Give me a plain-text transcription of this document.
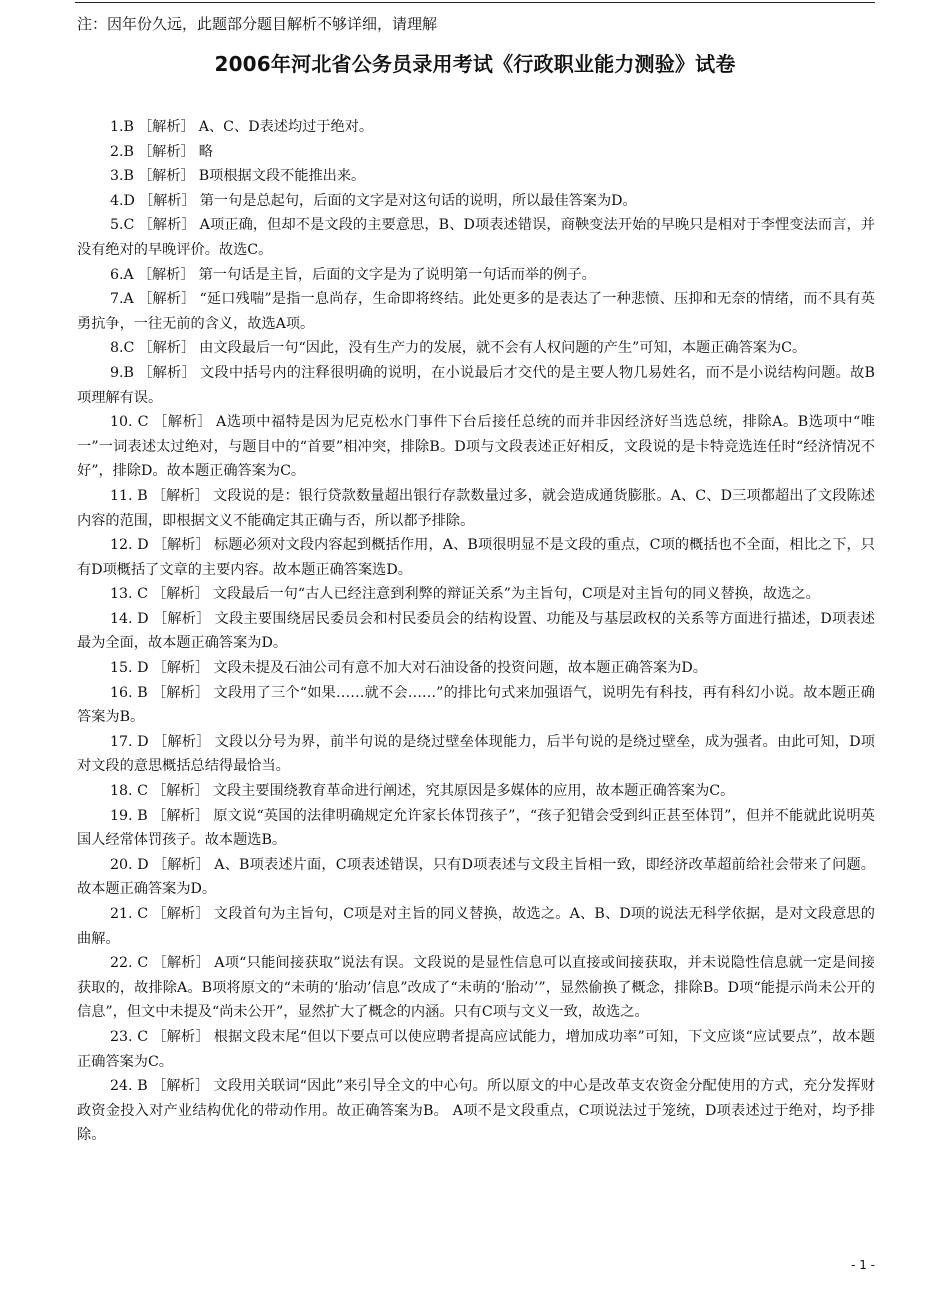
注：因年份久远，此题部分题目解析不够详细，请理解
2006年河北省公务员录用考试《行政职业能力测验》试卷

1.B ［解析］ A、C、D表述均过于绝对。

2.B ［解析］ 略

3.B ［解析］ B项根据文段不能推出来。

4.D ［解析］ 第一句是总起句，后面的文字是对这句话的说明，所以最佳答案为D。

5.C ［解析］ A项正确，但却不是文段的主要意思，B、D项表述错误，商鞅变法开始的早晚只是相对于李悝变法而言，并没有绝对的早晚评价。故选C。

6.A ［解析］ 第一句话是主旨，后面的文字是为了说明第一句话而举的例子。

7.A ［解析］ “延口残喘”是指一息尚存，生命即将终结。此处更多的是表达了一种悲愤、压抑和无奈的情绪，而不具有英勇抗争，一往无前的含义，故选A项。

8.C ［解析］ 由文段最后一句“因此，没有生产力的发展，就不会有人权问题的产生”可知，本题正确答案为C。

9.B ［解析］ 文段中括号内的注释很明确的说明，在小说最后才交代的是主要人物几易姓名，而不是小说结构问题。故B项理解有误。

10. C ［解析］ A选项中福特是因为尼克松水门事件下台后接任总统的而并非因经济好当选总统，排除A。B选项中“唯一”一词表述太过绝对，与题目中的“首要”相冲突，排除B。D项与文段表述正好相反，文段说的是卡特竞选连任时“经济情况不好”，排除D。故本题正确答案为C。

11. B ［解析］ 文段说的是：银行贷款数量超出银行存款数量过多，就会造成通货膨胀。A、C、D三项都超出了文段陈述内容的范围，即根据文义不能确定其正确与否，所以都予排除。

12. D ［解析］ 标题必须对文段内容起到概括作用，A、B项很明显不是文段的重点，C项的概括也不全面，相比之下，只有D项概括了文章的主要内容。故本题正确答案选D。

13. C ［解析］ 文段最后一句“古人已经注意到利弊的辩证关系”为主旨句，C项是对主旨句的同义替换，故选之。

14. D ［解析］ 文段主要围绕居民委员会和村民委员会的结构设置、功能及与基层政权的关系等方面进行描述，D项表述最为全面，故本题正确答案为D。

15. D ［解析］ 文段未提及石油公司有意不加大对石油设备的投资问题，故本题正确答案为D。

16. B ［解析］ 文段用了三个“如果……就不会……”的排比句式来加强语气，说明先有科技，再有科幻小说。故本题正确答案为B。

17. D ［解析］ 文段以分号为界，前半句说的是绕过壁垒体现能力，后半句说的是绕过壁垒，成为强者。由此可知，D项对文段的意思概括总结得最恰当。

18. C ［解析］ 文段主要围绕教育革命进行阐述，究其原因是多媒体的应用，故本题正确答案为C。

19. B ［解析］ 原文说“英国的法律明确规定允许家长体罚孩子”，“孩子犯错会受到纠正甚至体罚”，但并不能就此说明英国人经常体罚孩子。故本题选B。

20. D ［解析］ A、B项表述片面，C项表述错误，只有D项表述与文段主旨相一致，即经济改革超前给社会带来了问题。故本题正确答案为D。

21. C ［解析］ 文段首句为主旨句，C项是对主旨的同义替换，故选之。A、B、D项的说法无科学依据，是对文段意思的曲解。

22. C ［解析］ A项“只能间接获取”说法有误。文段说的是显性信息可以直接或间接获取，并未说隐性信息就一定是间接获取的，故排除A。B项将原文的“未萌的‘胎动’信息”改成了“未萌的‘胎动’”，显然偷换了概念，排除B。D项“能提示尚未公开的信息”，但文中未提及“尚未公开”，显然扩大了概念的内涵。只有C项与文义一致，故选之。

23. C ［解析］ 根据文段末尾“但以下要点可以使应聘者提高应试能力，增加成功率”可知，下文应谈“应试要点”，故本题正确答案为C。

24. B ［解析］ 文段用关联词“因此”来引导全文的中心句。所以原文的中心是改革支农资金分配使用的方式，充分发挥财政资金投入对产业结构优化的带动作用。故正确答案为B。 A项不是文段重点，C项说法过于笼统，D项表述过于绝对，均予排除。

- 1 -
